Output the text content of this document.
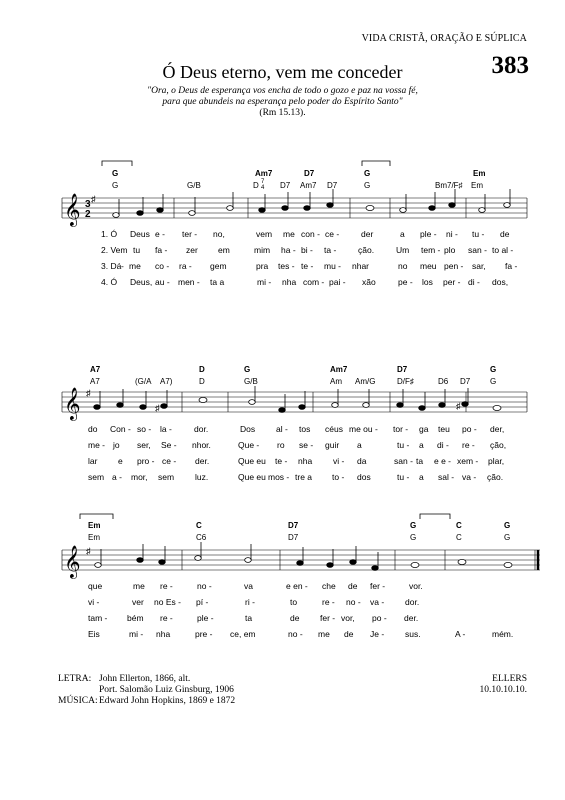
VIDA CRISTÃ, ORAÇÃO E SÚPLICA
383
Ó Deus eterno, vem me conceder
"Ora, o Deus de esperança vos encha de todo o gozo e paz na vossa fé,
para que abundeis na esperança pelo poder do Espírito Santo"
(Rm 15.13).
G	Am7	D7	G	Em
G	G/B	D 7
4 D7 Am7 D7	G	Bm7/F♯ Em
𝄞 3
2
♯
A7	D	G	Am7	D7	G
A7	(G/A A7)	D	G/B	Am Am/G	D/F♯	D6 D7 G
𝄞 ♯
♯	♯
Em	C	D7	G	C	G
Em	C6	D7	G	C	G
𝄞 ♯
1. Ó Deus e - ter - no,	vem me con - ce -	der	a ple - ni - tu - de
2. Vem tu fa - zer em	mim ha - bi - ta -	ção.	Um tem - plo san - to al -
3. Dá - me co - ra - gem	pra tes - te - mu - nhar	no meu pen - sar, fa -
4. Ó Deus, au - men - ta a	mi - nha com - pai - xão	pe - los per - di - dos,
do Con - so - la -	dor.	Dos al - tos céus me ou - tor - ga teu po - der,
me - jo ser, Se - nhor.	Que - ro se - guir a	tu - a di - re - ção,
lar e pro - ce - der.	Que eu te - nha vi - da	san - ta e e - xem - plar,
sem a - mor, sem luz.	Que eu mos - tre a to - dos	tu - a sal - va - ção.
que	me re -	no -	va	e en - che de fer -	vor.
vi -	ver no Es - pí -	ri -	to	re - no - va - dor.
tam - bém re -	ple -	ta	de fer - vor, po - der.
Eis	mi - nha	pre - ce, em	no - me de Je - sus.	A -	mém.
LETRA: John Ellerton, 1866, alt.
Port. Salomão Luiz Ginsburg, 1906
MÚSICA: Edward John Hopkins, 1869 e 1872
ELLERS
10.10.10.10.
